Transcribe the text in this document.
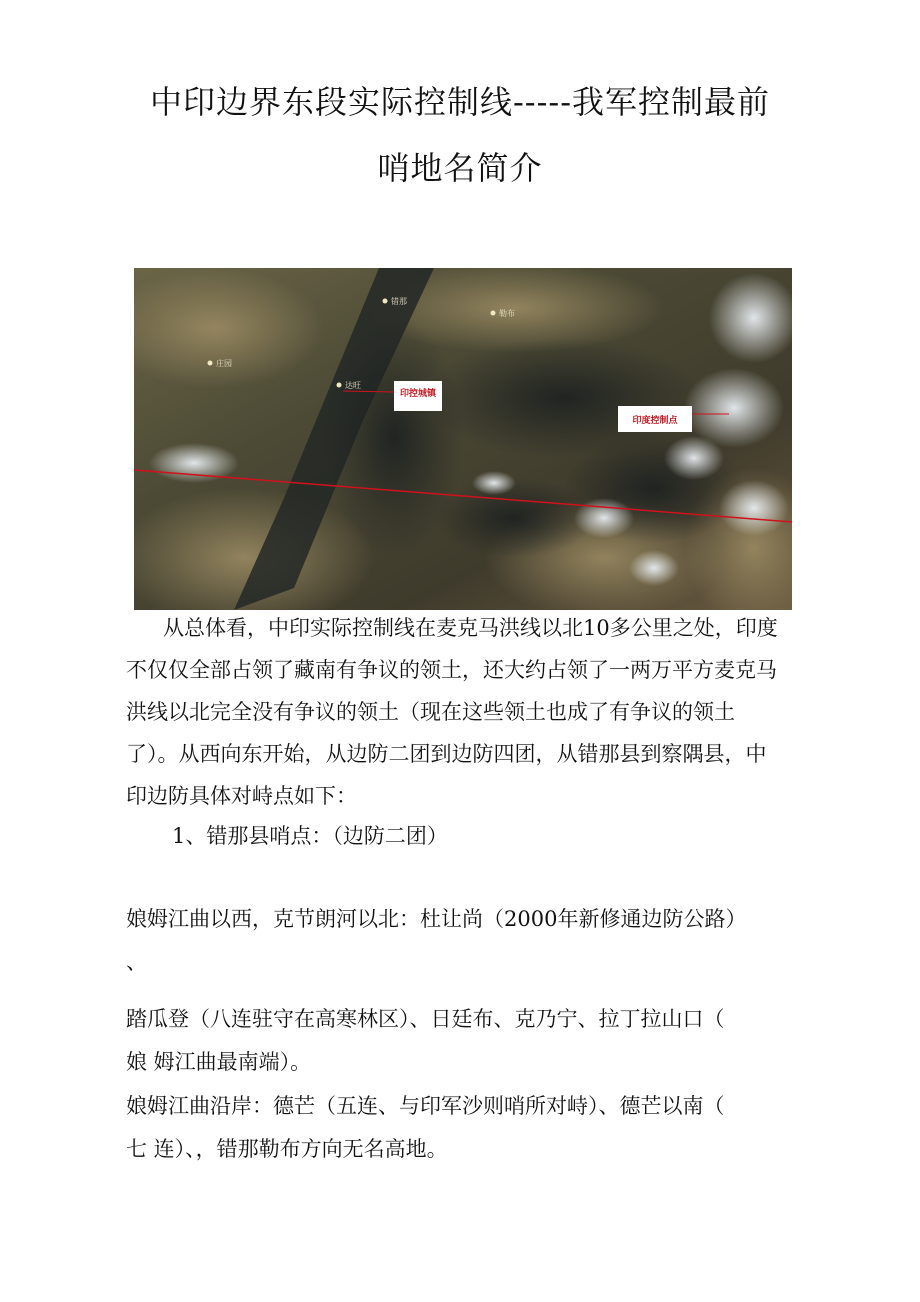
中印边界东段实际控制线-----我军控制最前
哨地名简介
错那
勒布
达旺
庄园
印控城镇
印度控制点

从总体看，中印实际控制线在麦克马洪线以北10多公里之处，印度不仅仅全部占领了藏南有争议的领土，还大约占领了一两万平方麦克马洪线以北完全没有争议的领土（现在这些领土也成了有争议的领土了）。从西向东开始，从边防二团到边防四团，从错那县到察隅县，中印边防具体对峙点如下：

1、错那县哨点：（边防二团）

娘姆江曲以西，克节朗河以北：杜让尚（2000年新修通边防公路）

、

踏瓜登（八连驻守在高寒林区）、日廷布、克乃宁、拉丁拉山口（

娘 姆江曲最南端）。

娘姆江曲沿岸：德芒（五连、与印军沙则哨所对峙）、德芒以南（

七 连）、，错那勒布方向无名高地。
